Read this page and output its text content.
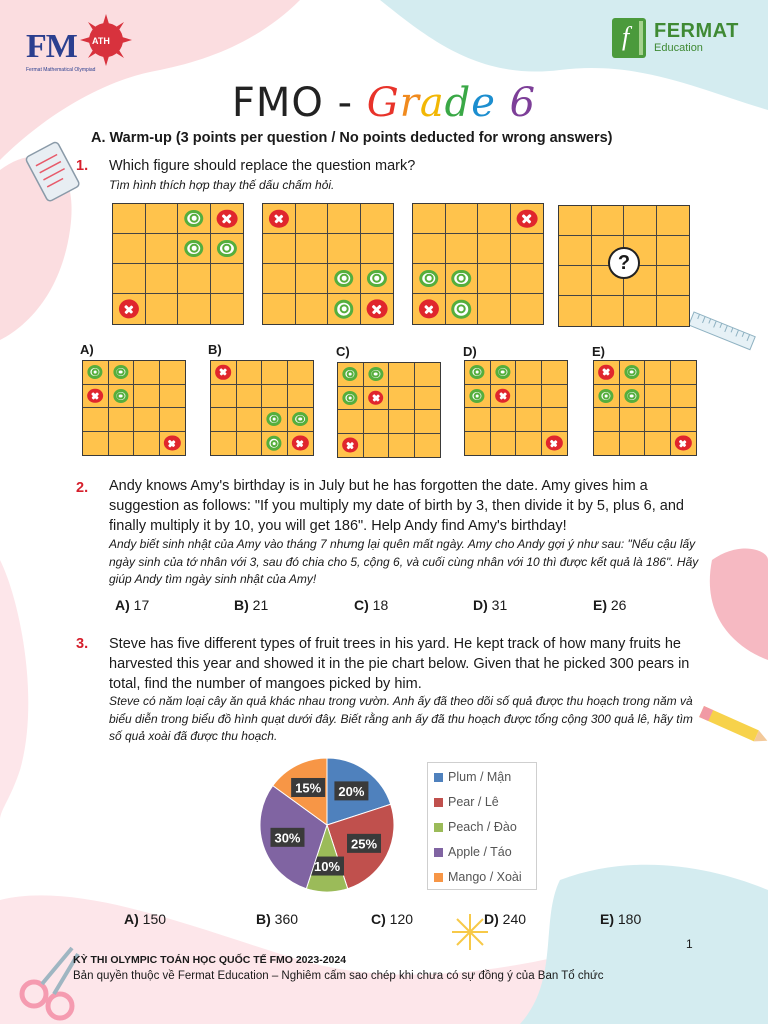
FM ATH
Fermat Mathematical Olympiad
f FERMAT
Education
FMO - Grade 6
A. Warm-up (3 points per question / No points deducted for wrong answers)
1. Which figure should replace the question mark?
Tìm hình thích hợp thay thế dấu chấm hỏi.
?
2. Andy knows Amy's birthday is in July but he has forgotten the date. Amy gives him a suggestion as follows: "If you multiply my date of birth by 3, then divide it by 5, plus 6, and finally multiply it by 10, you will get 186". Help Andy find Amy's birthday!
Andy biết sinh nhật của Amy vào tháng 7 nhưng lại quên mất ngày. Amy cho Andy gợi ý như sau: "Nếu cậu lấy ngày sinh của tớ nhân với 3, sau đó chia cho 5, cộng 6, và cuối cùng nhân với 10 thì được kết quả là 186". Hãy giúp Andy tìm ngày sinh nhật của Amy!
3. Steve has five different types of fruit trees in his yard. He kept track of how many fruits he harvested this year and showed it in the pie chart below. Given that he picked 300 pears in total, find the number of mangoes picked by him.
Steve có năm loại cây ăn quả khác nhau trong vườn. Anh ấy đã theo dõi số quả được thu hoạch trong năm và biểu diễn trong biểu đồ hình quạt dưới đây. Biết rằng anh ấy đã thu hoạch được tổng cộng 300 quả lê, hãy tìm số quả xoài đã được thu hoạch.
20%
25%
10%
30%
15%
Plum / Mận
Pear / Lê
Peach / Đào
Apple / Táo
Mango / Xoài
1
KỲ THI OLYMPIC TOÁN HỌC QUỐC TẾ FMO 2023-2024
Bản quyền thuộc về Fermat Education – Nghiêm cấm sao chép khi chưa có sự đồng ý của Ban Tổ chức
A)	B)	C)	D)	E)
A) 17	B) 21	C) 18	D) 31	E) 26
A) 150	B) 360	C) 120	D) 240	E) 180
